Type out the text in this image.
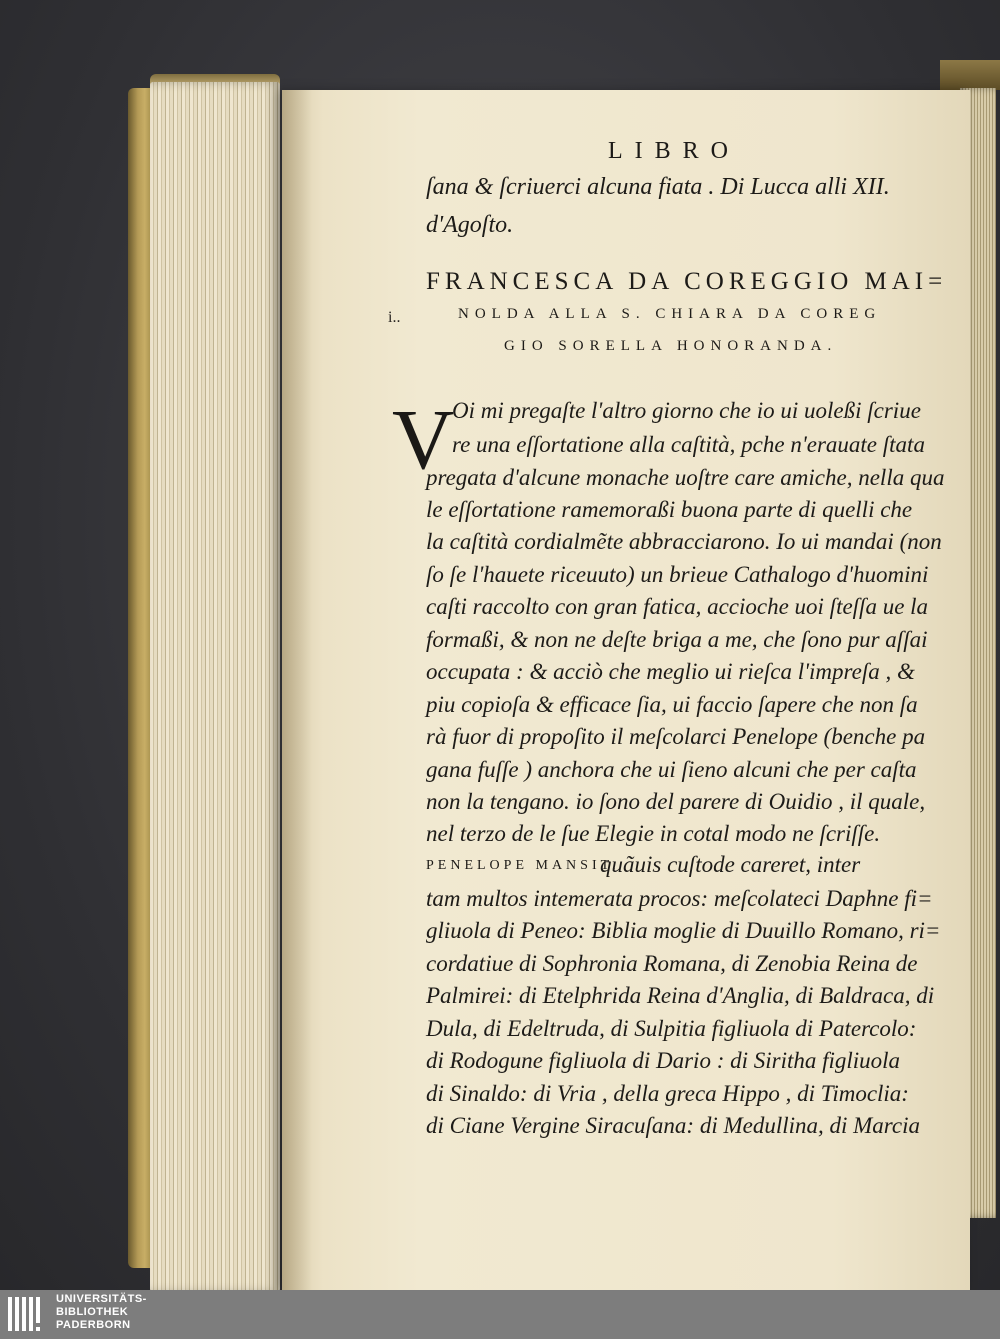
LIBRO
ſana & ſcriuerci alcuna fiata . Di Lucca alli XII.
d'Agoſto.
FRANCESCA DA COREGGIO MAI=
NOLDA ALLA S. CHIARA DA COREG
GIO SORELLA HONORANDA.
i..
V
Oi mi pregaſte l'altro giorno che io ui uoleßi ſcriue
re una eſſortatione alla caſtità, pche n'erauate ſtata
pregata d'alcune monache uoſtre care amiche, nella qua
le eſſortatione ramemoraßi buona parte di quelli che
la caſtità cordialmẽte abbracciarono. Io ui mandai (non
ſo ſe l'hauete riceuuto) un brieue Cathalogo d'huomini
caſti raccolto con gran fatica, accioche uoi ſteſſa ue la
formaßi, & non ne deſte briga a me, che ſono pur aſſai
occupata : & acciò che meglio ui rieſca l'impreſa , &
piu copioſa & efficace ſia, ui faccio ſapere che non ſa
rà fuor di propoſito il meſcolarci Penelope (benche pa
gana fuſſe ) anchora che ui ſieno alcuni che per caſta
non la tengano. io ſono del parere di Ouidio , il quale,
nel terzo de le ſue Elegie in cotal modo ne ſcriſſe.
PENELOPE MANSIT,
quãuis cuſtode careret, inter
tam multos intemerata procos: meſcolateci Daphne fi=
gliuola di Peneo: Biblia moglie di Duuillo Romano, ri=
cordatiue di Sophronia Romana, di Zenobia Reina de
Palmirei: di Etelphrida Reina d'Anglia, di Baldraca, di
Dula, di Edeltruda, di Sulpitia figliuola di Patercolo:
di Rodogune figliuola di Dario : di Siritha figliuola
di Sinaldo: di Vria , della greca Hippo , di Timoclia:
di Ciane Vergine Siracuſana: di Medullina, di Marcia
UNIVERSITÄTS-
BIBLIOTHEK
PADERBORN
